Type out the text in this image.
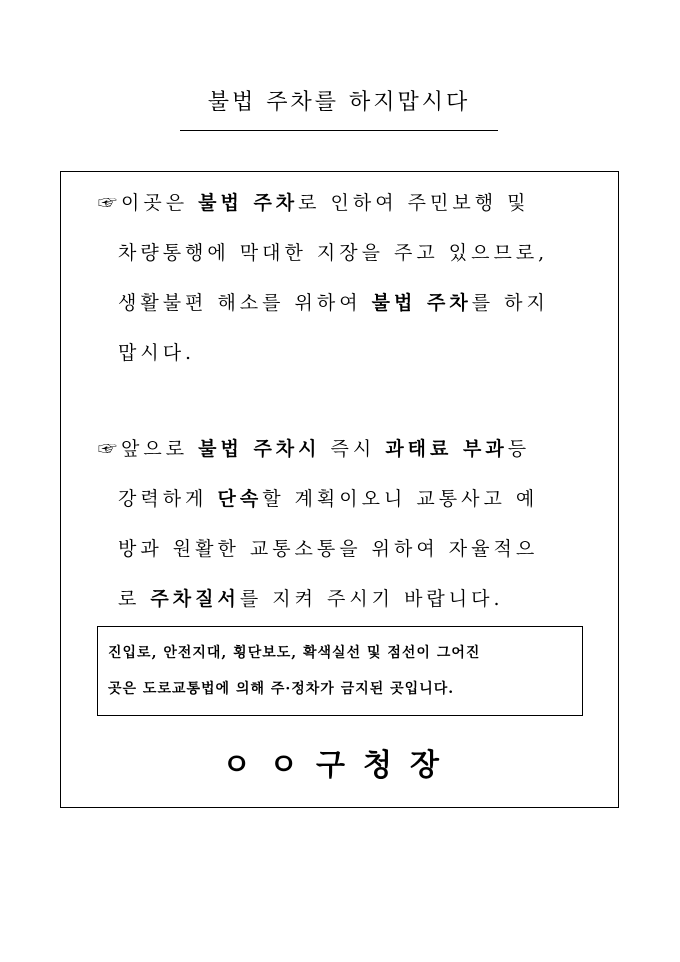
불법 주차를 하지맙시다
☞이곳은 불법 주차로 인하여 주민보행 및
차량통행에 막대한 지장을 주고 있으므로,
생활불편 해소를 위하여 불법 주차를 하지
맙시다.
☞앞으로 불법 주차시 즉시 과태료 부과등
강력하게 단속할 계획이오니 교통사고 예
방과 원활한 교통소통을 위하여 자율적으
로 주차질서를 지켜 주시기 바랍니다.
진입로, 안전지대, 횡단보도, 확색실선 및 점선이 그어진
곳은 도로교통법에 의해 주·정차가 금지된 곳입니다.
ㅇㅇ구청장
